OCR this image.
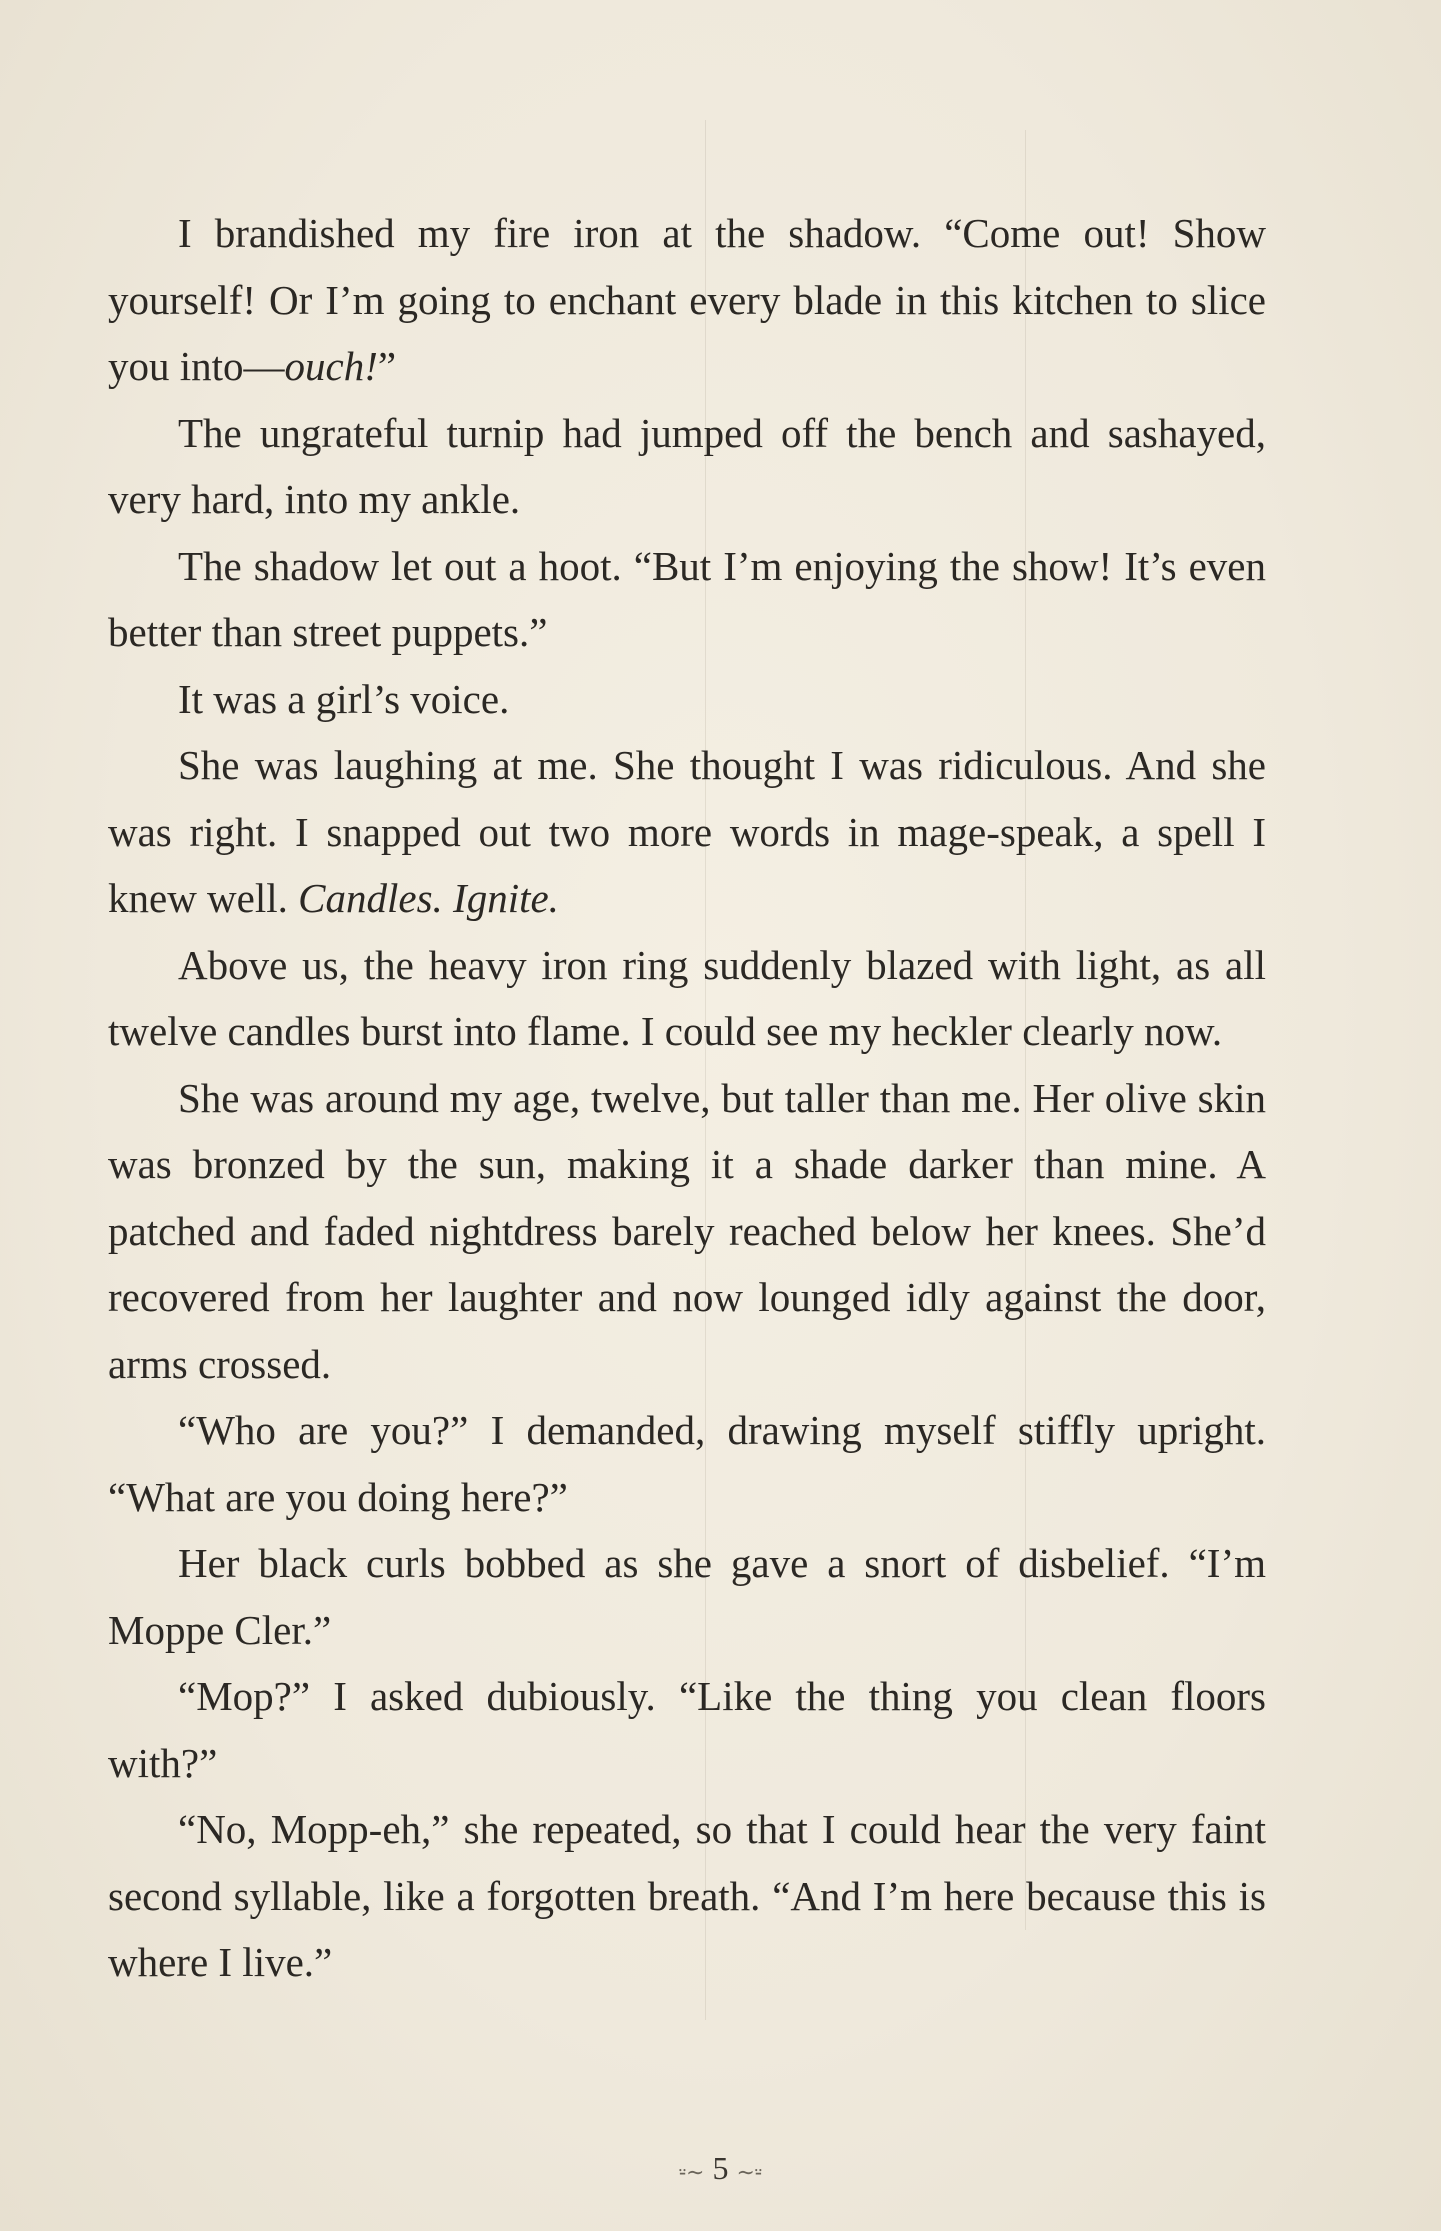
I brandished my fire iron at the shadow. “Come out! Show yourself! Or I’m going to enchant every blade in this kitchen to slice you into—ouch!”

The ungrateful turnip had jumped off the bench and sashayed, very hard, into my ankle.

The shadow let out a hoot. “But I’m enjoying the show! It’s even better than street puppets.”

It was a girl’s voice.

She was laughing at me. She thought I was ridiculous. And she was right. I snapped out two more words in mage-speak, a spell I knew well. Candles. Ignite.

Above us, the heavy iron ring suddenly blazed with light, as all twelve candles burst into flame. I could see my heckler clearly now.

She was around my age, twelve, but taller than me. Her olive skin was bronzed by the sun, making it a shade darker than mine. A patched and faded nightdress barely reached below her knees. She’d recovered from her laughter and now lounged idly against the door, arms crossed.

“Who are you?” I demanded, drawing myself stiffly upright. “What are you doing here?”

Her black curls bobbed as she gave a snort of disbelief. “I’m Moppe Cler.”

“Mop?” I asked dubiously. “Like the thing you clean floors with?”

“No, Mopp-eh,” she repeated, so that I could hear the very faint second syllable, like a forgotten breath. “And I’m here because this is where I live.”

⸚∼ 5 ∼⸚
